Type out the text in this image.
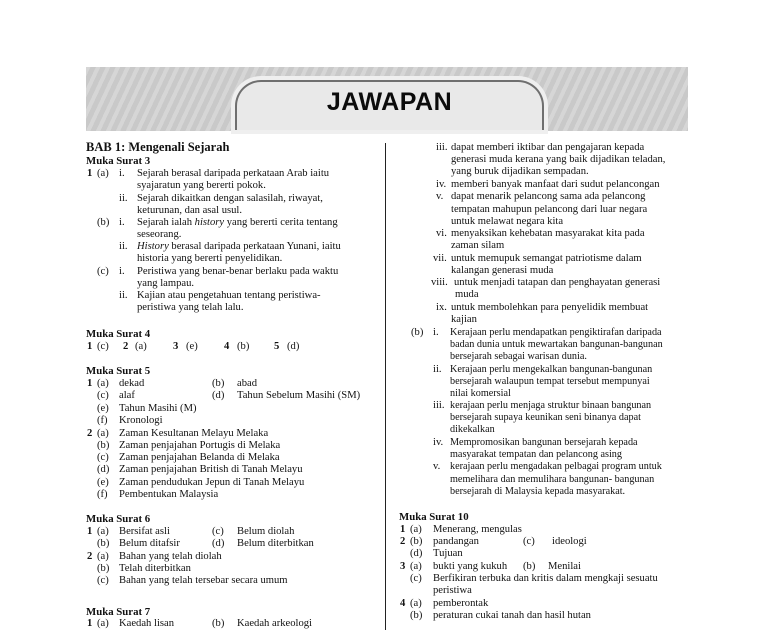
JAWAPAN
BAB 1: Mengenali Sejarah
Muka Surat 3
1 (a) i. Sejarah berasal daripada perkataan Arab iaitu
syajaratun yang bererti pokok.
ii. Sejarah dikaitkan dengan salasilah, riwayat,
keturunan, dan asal usul.
(b) i. Sejarah ialah history yang bererti cerita tentang
seseorang.
ii. History berasal daripada perkataan Yunani, iaitu
historia yang bererti penyelidikan.
(c) i. Peristiwa yang benar-benar berlaku pada waktu
yang lampau.
ii. Kajian atau pengetahuan tentang peristiwa-
peristiwa yang telah lalu.
Muka Surat 4
1 (c) 2 (a) 3 (e) 4 (b) 5 (d)
Muka Surat 5
1 (a) dekad	(b) abad
(c) alaf	(d) Tahun Sebelum Masihi (SM)
(e) Tahun Masihi (M)
(f) Kronologi
2 (a) Zaman Kesultanan Melayu Melaka
(b) Zaman penjajahan Portugis di Melaka
(c) Zaman penjajahan Belanda di Melaka
(d) Zaman penjajahan British di Tanah Melayu
(e) Zaman pendudukan Jepun di Tanah Melayu
(f) Pembentukan Malaysia
Muka Surat 6
1 (a) Bersifat asli	(c) Belum diolah
(b) Belum ditafsir	(d) Belum diterbitkan
2 (a) Bahan yang telah diolah
(b) Telah diterbitkan
(c) Bahan yang telah tersebar secara umum
Muka Surat 7
1 (a) Kaedah lisan	(b) Kaedah arkeologi
iii. dapat memberi iktibar dan pengajaran kepada
generasi muda kerana yang baik dijadikan teladan,
yang buruk dijadikan sempadan.
iv. memberi banyak manfaat dari sudut pelancongan
v. dapat menarik pelancong sama ada pelancong
tempatan mahupun pelancong dari luar negara
untuk melawat negara kita
vi. menyaksikan kehebatan masyarakat kita pada
zaman silam
vii. untuk memupuk semangat patriotisme dalam
kalangan generasi muda
viii. untuk menjadi tatapan dan penghayatan generasi
muda
ix. untuk membolehkan para penyelidik membuat
kajian
(b) i. Kerajaan perlu mendapatkan pengiktirafan daripada
badan dunia untuk mewartakan bangunan-bangunan
bersejarah sebagai warisan dunia.
ii. Kerajaan perlu mengekalkan bangunan-bangunan
bersejarah walaupun tempat tersebut mempunyai
nilai komersial
iii. kerajaan perlu menjaga struktur binaan bangunan
bersejarah supaya keunikan seni binanya dapat
dikekalkan
iv. Mempromosikan bangunan bersejarah kepada
masyarakat tempatan dan pelancong asing
v. kerajaan perlu mengadakan pelbagai program untuk
memelihara dan memulihara bangunan- bangunan
bersejarah di Malaysia kepada masyarakat.
Muka Surat 10
1 (a) Menerang, mengulas
2 (b) pandangan	(c) ideologi
(d) Tujuan
3 (a) bukti yang kukuh (b) Menilai
(c) Berfikiran terbuka dan kritis dalam mengkaji sesuatu
peristiwa
4 (a) pemberontak
(b) peraturan cukai tanah dan hasil hutan
